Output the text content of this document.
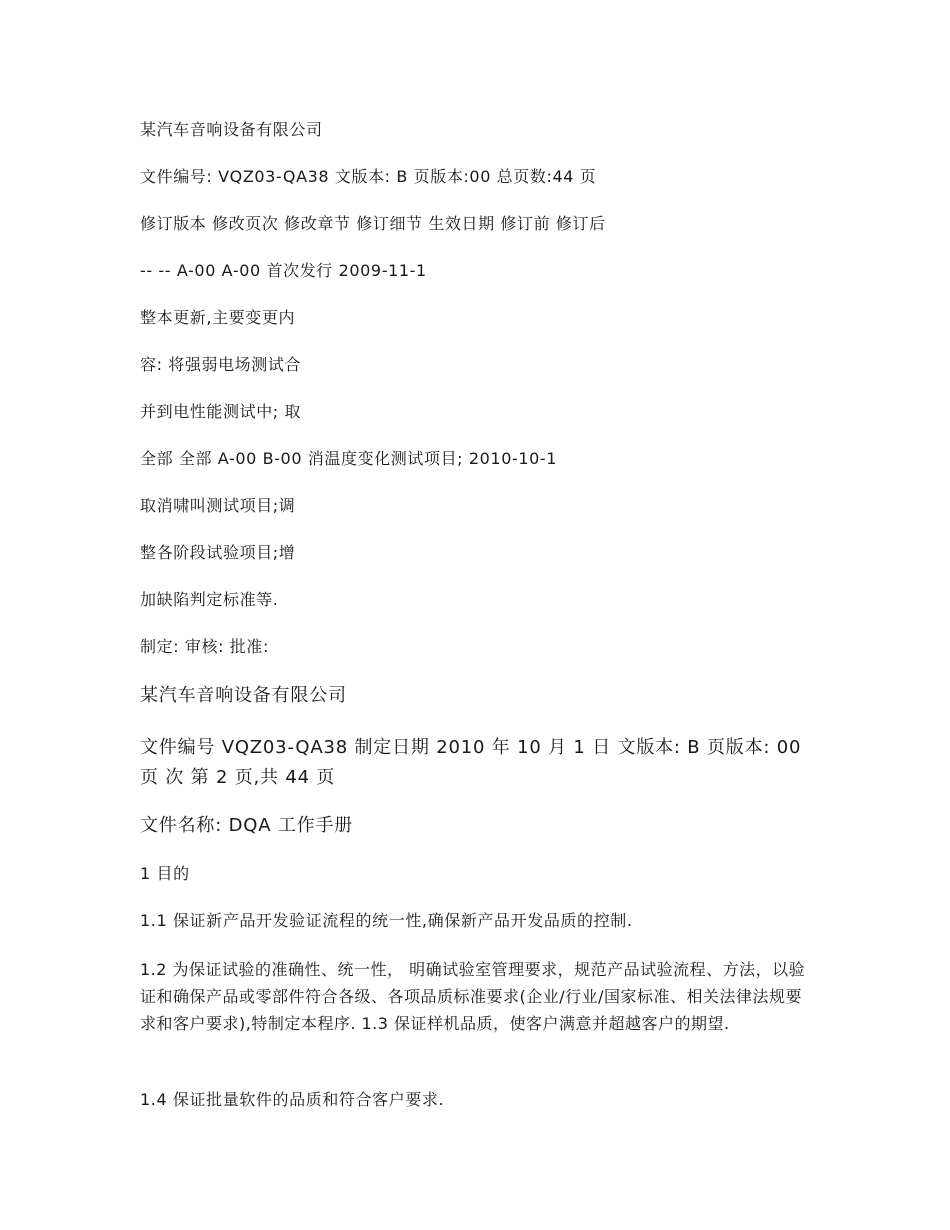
某汽车音响设备有限公司

文件编号: VQZ03-QA38 文版本: B 页版本:00 总页数:44 页

修订版本 修改页次 修改章节 修订细节 生效日期 修订前 修订后

-- -- A-00 A-00 首次发行 2009-11-1

整本更新,主要变更内

容: 将强弱电场测试合

并到电性能测试中; 取

全部 全部 A-00 B-00 消温度变化测试项目; 2010-10-1

取消啸叫测试项目;调

整各阶段试验项目;增

加缺陷判定标准等.

制定: 审核: 批准:

某汽车音响设备有限公司

文件编号 VQZ03-QA38 制定日期 2010 年 10 月 1 日 文版本: B 页版本: 00 页 次 第 2 页,共 44 页

文件名称: DQA 工作手册

1 目的

1.1 保证新产品开发验证流程的统一性,确保新产品开发品质的控制.

1.2 为保证试验的准确性、统一性， 明确试验室管理要求，规范产品试验流程、方法，以验证和确保产品或零部件符合各级、各项品质标准要求(企业/行业/国家标准、相关法律法规要求和客户要求),特制定本程序. 1.3 保证样机品质，使客户满意并超越客户的期望.

1.4 保证批量软件的品质和符合客户要求.
